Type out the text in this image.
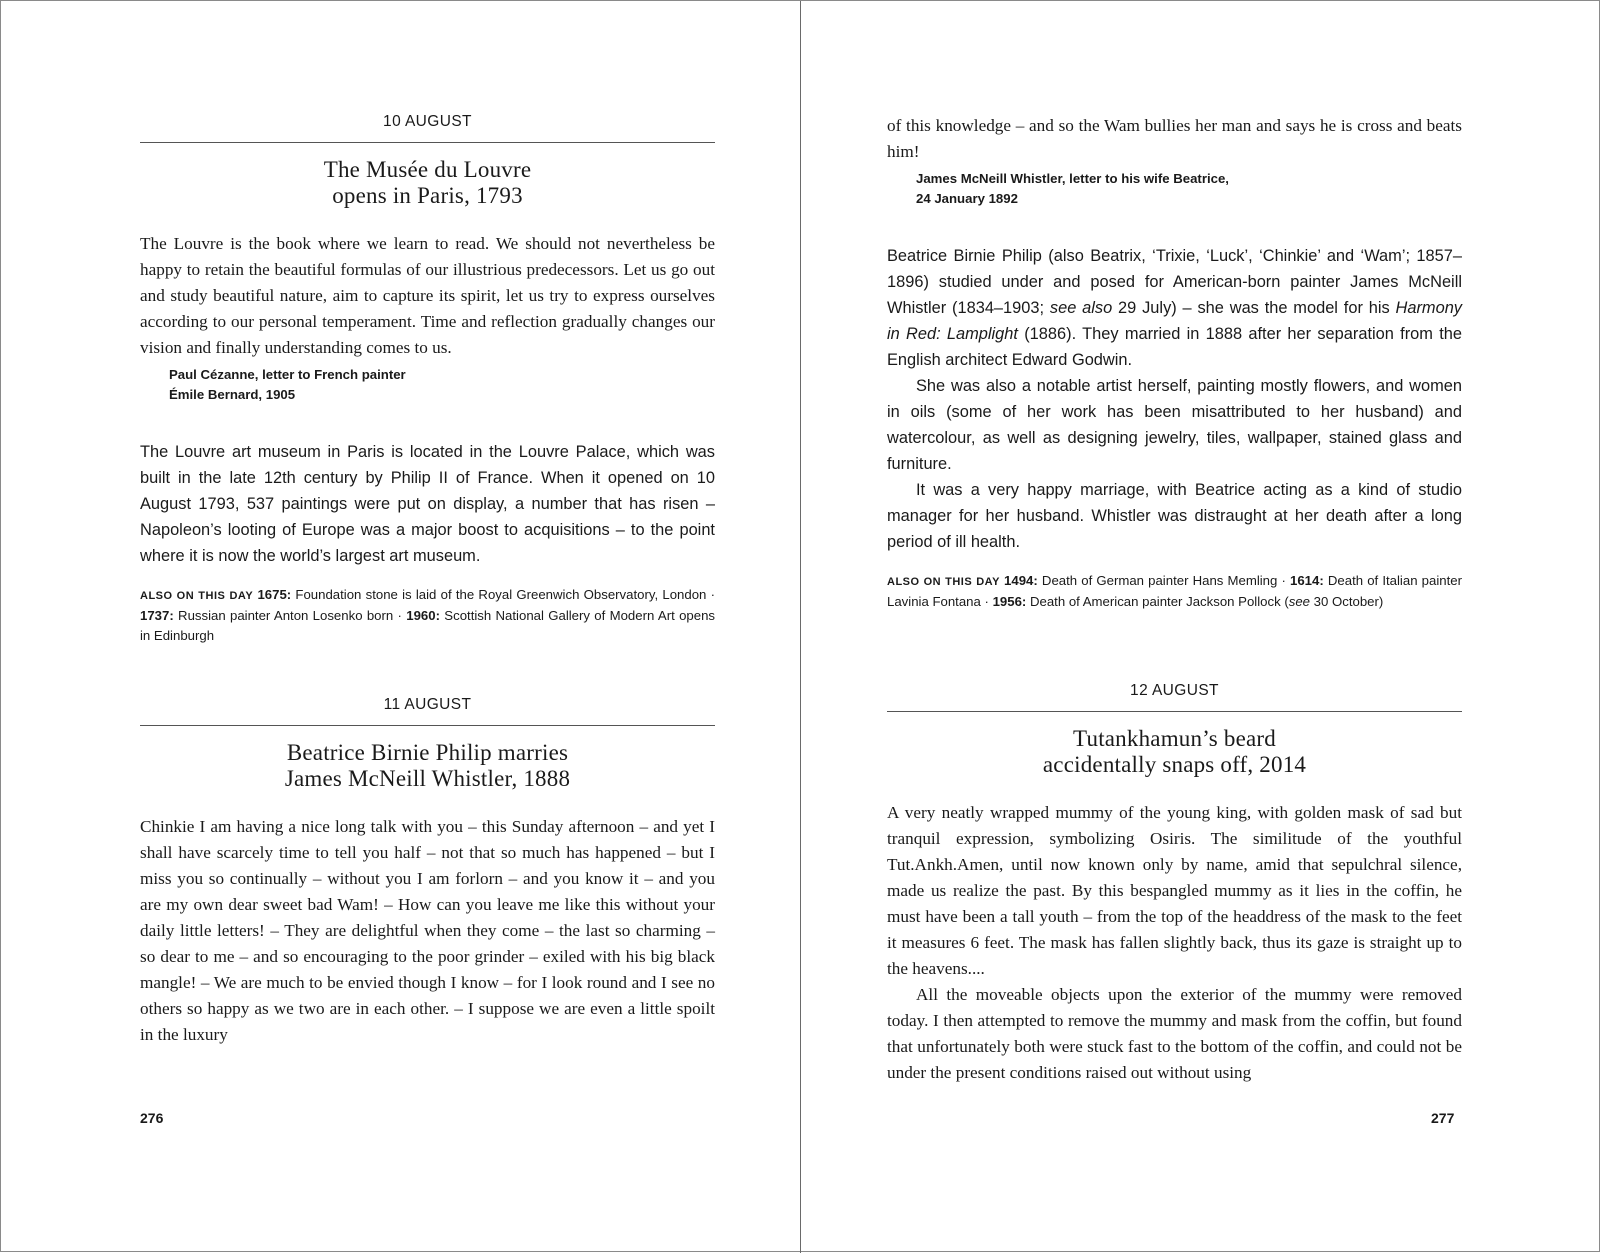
10 AUGUST
The Musée du Louvre
opens in Paris, 1793

The Louvre is the book where we learn to read. We should not nevertheless be happy to retain the beautiful formulas of our illustrious predecessors. Let us go out and study beautiful nature, aim to capture its spirit, let us try to express ourselves according to our personal temperament. Time and reflection gradually changes our vision and finally understanding comes to us.

Paul Cézanne, letter to French painter
Émile Bernard, 1905

The Louvre art museum in Paris is located in the Louvre Palace, which was built in the late 12th century by Philip II of France. When it opened on 10 August 1793, 537 paintings were put on display, a number that has risen – Napoleon’s looting of Europe was a major boost to acquisitions – to the point where it is now the world’s largest art museum.

ALSO ON THIS DAY 1675: Foundation stone is laid of the Royal Greenwich Observatory, London · 1737: Russian painter Anton Losenko born · 1960: Scottish National Gallery of Modern Art opens in Edinburgh
11 AUGUST
Beatrice Birnie Philip marries
James McNeill Whistler, 1888

Chinkie I am having a nice long talk with you – this Sunday afternoon – and yet I shall have scarcely time to tell you half – not that so much has happened – but I miss you so continually – without you I am forlorn – and you know it – and you are my own dear sweet bad Wam! – How can you leave me like this without your daily little letters! – They are delightful when they come – the last so charming – so dear to me – and so encouraging to the poor grinder – exiled with his big black mangle! – We are much to be envied though I know – for I look round and I see no others so happy as we two are in each other. – I suppose we are even a little spoilt in the luxury

276

of this knowledge – and so the Wam bullies her man and says he is cross and beats him!

James McNeill Whistler, letter to his wife Beatrice,
24 January 1892

Beatrice Birnie Philip (also Beatrix, ‘Trixie, ‘Luck’, ‘Chinkie’ and ‘Wam’; 1857–1896) studied under and posed for American-born painter James McNeill Whistler (1834–1903; see also 29 July) – she was the model for his Harmony in Red: Lamplight (1886). They married in 1888 after her separation from the English architect Edward Godwin.

She was also a notable artist herself, painting mostly flowers, and women in oils (some of her work has been misattributed to her husband) and watercolour, as well as designing jewelry, tiles, wallpaper, stained glass and furniture.

It was a very happy marriage, with Beatrice acting as a kind of studio manager for her husband. Whistler was distraught at her death after a long period of ill health.

ALSO ON THIS DAY 1494: Death of German painter Hans Memling · 1614: Death of Italian painter Lavinia Fontana · 1956: Death of American painter Jackson Pollock (see 30 October)
12 AUGUST
Tutankhamun’s beard
accidentally snaps off, 2014

A very neatly wrapped mummy of the young king, with golden mask of sad but tranquil expression, symbolizing Osiris. The similitude of the youthful Tut.Ankh.Amen, until now known only by name, amid that sepulchral silence, made us realize the past. By this bespangled mummy as it lies in the coffin, he must have been a tall youth – from the top of the headdress of the mask to the feet it measures 6 feet. The mask has fallen slightly back, thus its gaze is straight up to the heavens....

All the moveable objects upon the exterior of the mummy were removed today. I then attempted to remove the mummy and mask from the coffin, but found that unfortunately both were stuck fast to the bottom of the coffin, and could not be under the present conditions raised out without using

277
